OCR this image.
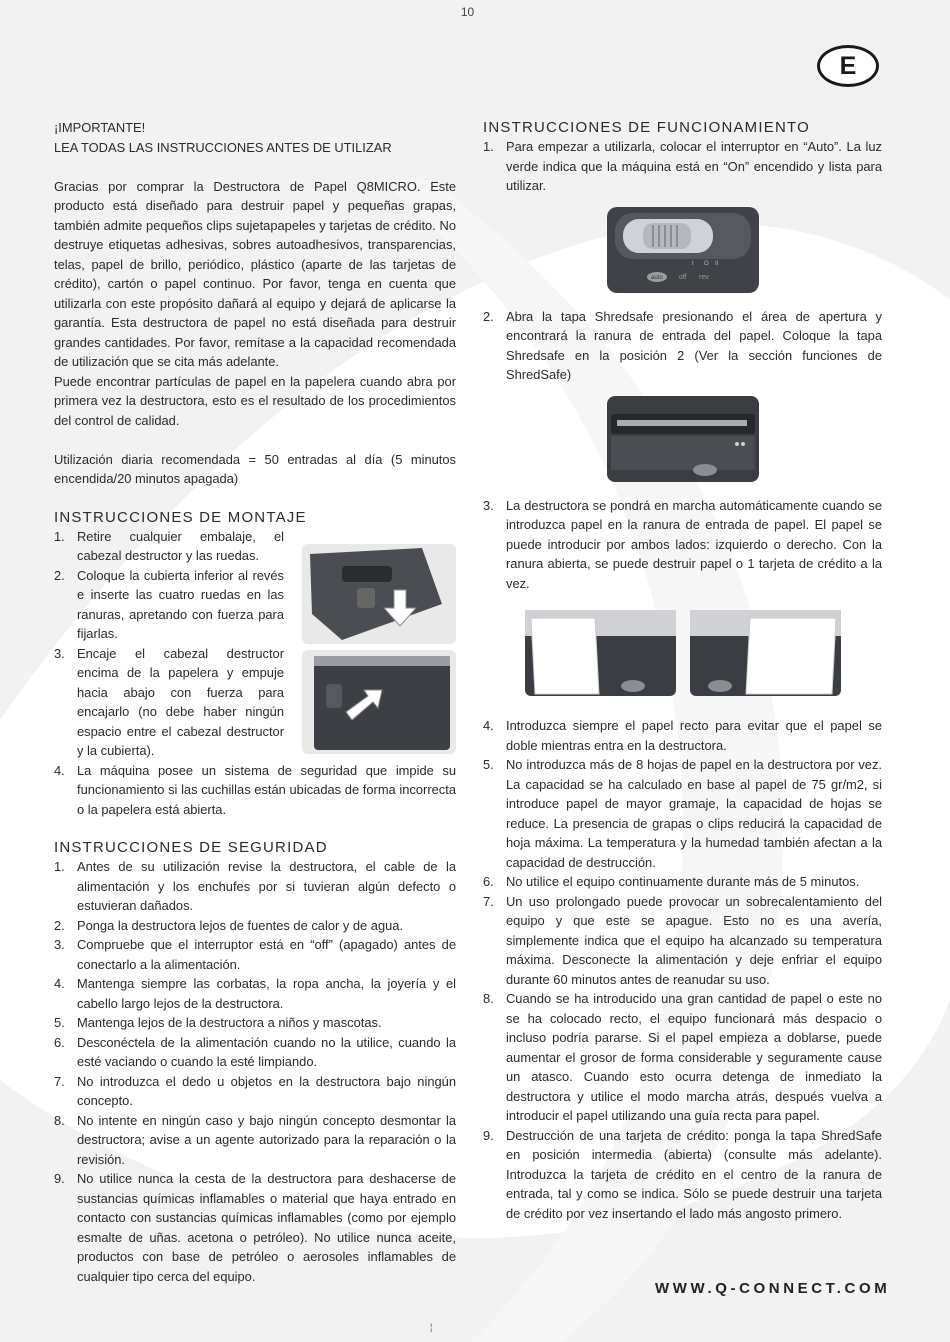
10
E

¡IMPORTANTE!

LEA TODAS LAS INSTRUCCIONES ANTES DE UTILIZAR

Gracias por comprar la Destructora de Papel Q8MICRO. Este producto está diseñado para destruir papel y pequeñas grapas, también admite pequeños clips sujetapapeles y tarjetas de crédito. No destruye etiquetas adhesivas, sobres autoadhesivos, transparencias, telas, papel de brillo, periódico, plástico (aparte de las tarjetas de crédito), cartón o papel continuo. Por favor, tenga en cuenta que utilizarla con este propósito dañará al equipo y dejará de aplicarse la garantía. Esta destructora de papel no está diseñada para destruir grandes cantidades. Por favor, remítase a la capacidad recomendada de utilización que se cita más adelante.

Puede encontrar partículas de papel en la papelera cuando abra por primera vez la destructora, esto es el resultado de los procedimientos del control de calidad.

Utilización diaria recomendada = 50 entradas al día (5 minutos encendida/20 minutos apagada)

INSTRUCCIONES DE MONTAJE
1. Retire cualquier embalaje, el cabezal destructor y las ruedas.
2. Coloque la cubierta inferior al revés e inserte las cuatro ruedas en las ranuras, apretando con fuerza para fijarlas.
3. Encaje el cabezal destructor encima de la papelera y empuje hacia abajo con fuerza para encajarlo (no debe haber ningún espacio entre el cabezal destructor y la cubierta).
4. La máquina posee un sistema de seguridad que impide su funcionamiento si las cuchillas están ubicadas de forma incorrecta o la papelera está abierta.
INSTRUCCIONES DE SEGURIDAD
1. Antes de su utilización revise la destructora, el cable de la alimentación y los enchufes por si tuvieran algún defecto o estuvieran dañados.
2. Ponga la destructora lejos de fuentes de calor y de agua.
3. Compruebe que el interruptor está en “off” (apagado) antes de conectarlo a la alimentación.
4. Mantenga siempre las corbatas, la ropa ancha, la joyería y el cabello largo lejos de la destructora.
5. Mantenga lejos de la destructora a niños y mascotas.
6. Desconéctela de la alimentación cuando no la utilice, cuando la esté vaciando o cuando la esté limpiando.
7. No introduzca el dedo u objetos en la destructora bajo ningún concepto.
8. No intente en ningún caso y bajo ningún concepto desmontar la destructora; avise a un agente autorizado para la reparación o la revisión.
9. No utilice nunca la cesta de la destructora para deshacerse de sustancias químicas inflamables o material que haya entrado en contacto con sustancias químicas inflamables (como por ejemplo esmalte de uñas. acetona o petróleo). No utilice nunca aceite, productos con base de petróleo o aerosoles inflamables de cualquier tipo cerca del equipo.
INSTRUCCIONES DE FUNCIONAMIENTO
1. Para empezar a utilizarla, colocar el interruptor en “Auto”. La luz verde indica que la máquina está en “On” encendido y lista para utilizar.
I O II
auto off rev
2. Abra la tapa Shredsafe presionando el área de apertura y encontrará la ranura de entrada del papel. Coloque la tapa Shredsafe en la posición 2 (Ver la sección funciones de ShredSafe)
3. La destructora se pondrá en marcha automáticamente cuando se introduzca papel en la ranura de entrada de papel. El papel se puede introducir por ambos lados: izquierdo o derecho. Con la ranura abierta, se puede destruir papel o 1 tarjeta de crédito a la vez.
4. Introduzca siempre el papel recto para evitar que el papel se doble mientras entra en la destructora.
5. No introduzca más de 8 hojas de papel en la destructora por vez. La capacidad se ha calculado en base al papel de 75 gr/m2, si introduce papel de mayor gramaje, la capacidad de hojas se reduce. La presencia de grapas o clips reducirá la capacidad de hoja máxima. La temperatura y la humedad también afectan a la capacidad de destrucción.
6. No utilice el equipo continuamente durante más de 5 minutos.
7. Un uso prolongado puede provocar un sobrecalentamiento del equipo y que este se apague. Esto no es una avería, simplemente indica que el equipo ha alcanzado su temperatura máxima. Desconecte la alimentación y deje enfriar el equipo durante 60 minutos antes de reanudar su uso.
8. Cuando se ha introducido una gran cantidad de papel o este no se ha colocado recto, el equipo funcionará más despacio o incluso podría pararse. Si el papel empieza a doblarse, puede aumentar el grosor de forma considerable y seguramente cause un atasco. Cuando esto ocurra detenga de inmediato la destructora y utilice el modo marcha atrás, después vuelva a introducir el papel utilizando una guía recta para papel.
9. Destrucción de una tarjeta de crédito: ponga la tapa ShredSafe en posición intermedia (abierta) (consulte más adelante). Introduzca la tarjeta de crédito en el centro de la ranura de entrada, tal y como se indica. Sólo se puede destruir una tarjeta de crédito por vez insertando el lado más angosto primero.
WWW.Q-CONNECT.COM
¦
